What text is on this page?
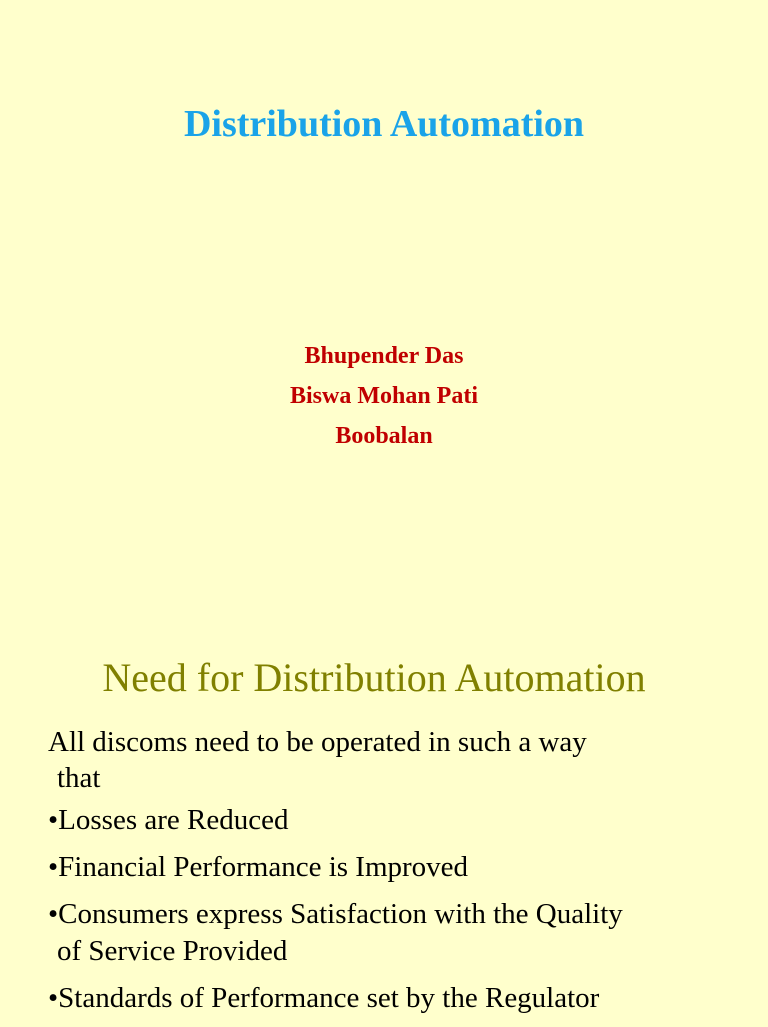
Distribution Automation
Bhupender Das
Biswa Mohan Pati
Boobalan
Need for Distribution Automation

All discoms need to be operated in such a way

that

•Losses are Reduced
•Financial Performance is Improved
•Consumers express Satisfaction with the Quality
of Service Provided
•Standards of Performance set by the Regulator
